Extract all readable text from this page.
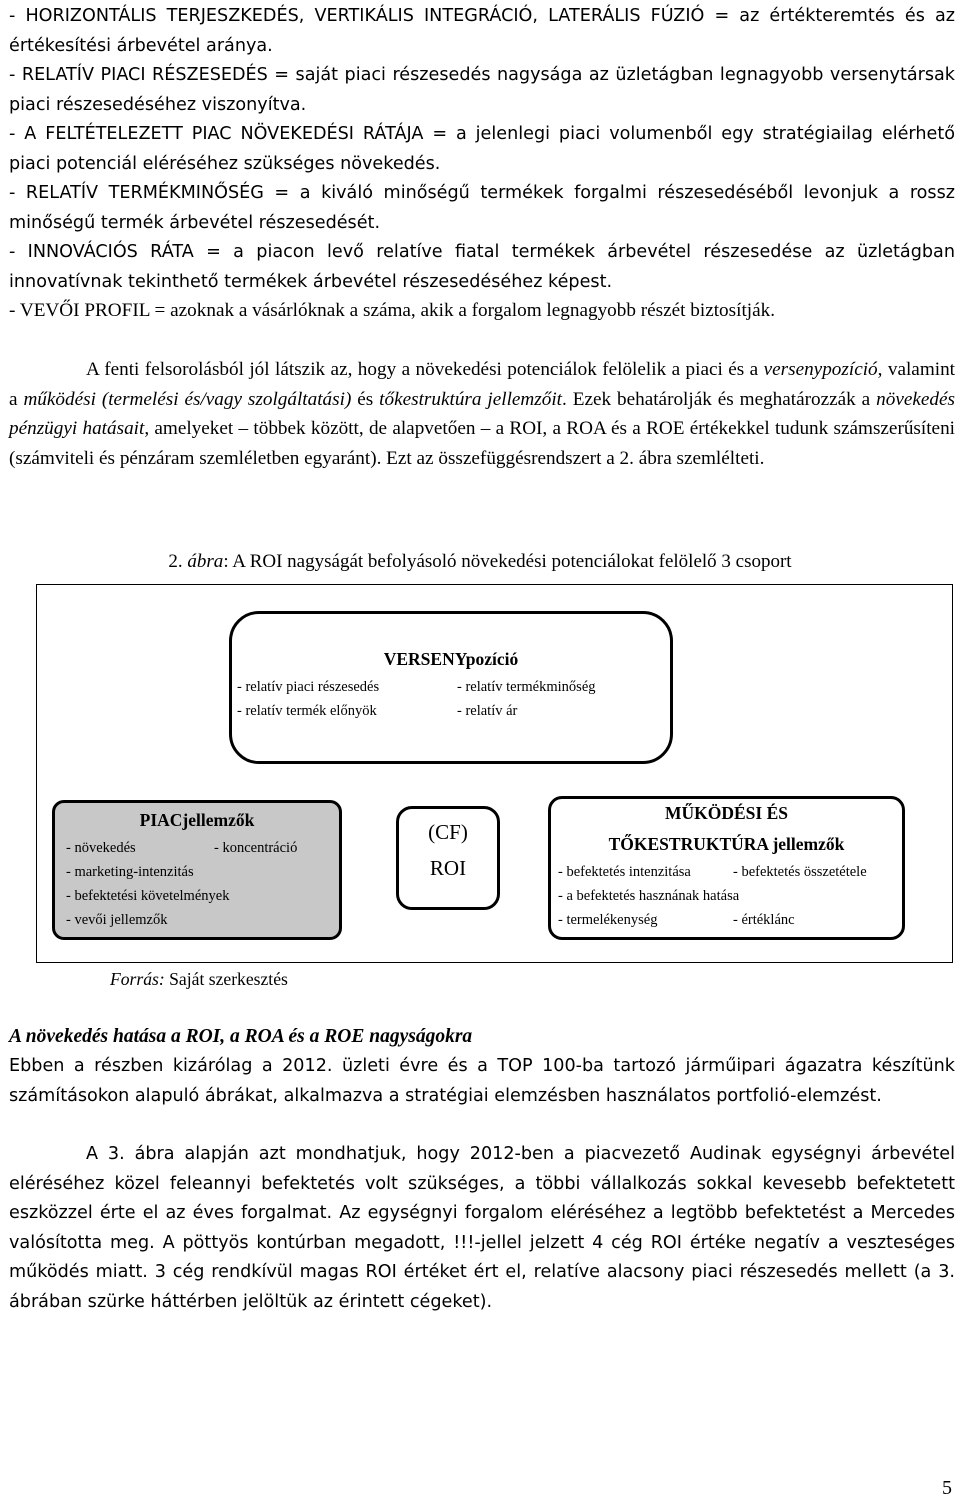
- HORIZONTÁLIS TERJESZKEDÉS, VERTIKÁLIS INTEGRÁCIÓ, LATERÁLIS FÚZIÓ = az értékteremtés és az értékesítési árbevétel aránya.

- RELATÍV PIACI RÉSZESEDÉS = saját piaci részesedés nagysága az üzletágban legnagyobb versenytársak piaci részesedéséhez viszonyítva.

- A FELTÉTELEZETT PIAC NÖVEKEDÉSI RÁTÁJA = a jelenlegi piaci volumenből egy stratégiailag elérhető piaci potenciál eléréséhez szükséges növekedés.

- RELATÍV TERMÉKMINŐSÉG = a kiváló minőségű termékek forgalmi részesedéséből levonjuk a rossz minőségű termék árbevétel részesedését.

- INNOVÁCIÓS RÁTA = a piacon levő relatíve fiatal termékek árbevétel részesedése az üzletágban innovatívnak tekinthető termékek árbevétel részesedéséhez képest.

- VEVŐI PROFIL = azoknak a vásárlóknak a száma, akik a forgalom legnagyobb részét biztosítják.

A fenti felsorolásból jól látszik az, hogy a növekedési potenciálok felölelik a piaci és a versenypozíció, valamint a működési (termelési és/vagy szolgáltatási) és tőkestruktúra jellemzőit. Ezek behatárolják és meghatározzák a növekedés pénzügyi hatásait, amelyeket – többek között, de alapvetően – a ROI, a ROA és a ROE értékekkel tudunk számszerűsíteni (számviteli és pénzáram szemléletben egyaránt). Ezt az összefüggésrendszert a 2. ábra szemlélteti.

2. ábra: A ROI nagyságát befolyásoló növekedési potenciálokat felölelő 3 csoport
VERSENYpozíció
- relatív piaci részesedés	- relatív termékminőség
- relatív termék előnyök	- relatív ár
PIACjellemzők
- növekedés	- koncentráció
- marketing-intenzitás
- befektetési követelmények
- vevői jellemzők
(CF)
ROI
MŰKÖDÉSI ÉS
TŐKESTRUKTÚRA jellemzők
- befektetés intenzitása	- befektetés összetétele
- a befektetés hasznának hatása
- termelékenység	- értéklánc
Forrás: Saját szerkesztés
A növekedés hatása a ROI, a ROA és a ROE nagyságokra

Ebben a részben kizárólag a 2012. üzleti évre és a TOP 100-ba tartozó járműipari ágazatra készítünk számításokon alapuló ábrákat, alkalmazva a stratégiai elemzésben használatos portfolió-elemzést.

A 3. ábra alapján azt mondhatjuk, hogy 2012-ben a piacvezető Audinak egységnyi árbevétel eléréséhez közel feleannyi befektetés volt szükséges, a többi vállalkozás sokkal kevesebb befektetett eszközzel érte el az éves forgalmat. Az egységnyi forgalom eléréséhez a legtöbb befektetést a Mercedes valósította meg. A pöttyös kontúrban megadott, !!!-jellel jelzett 4 cég ROI értéke negatív a veszteséges működés miatt. 3 cég rendkívül magas ROI értéket ért el, relatíve alacsony piaci részesedés mellett (a 3. ábrában szürke háttérben jelöltük az érintett cégeket).

5
